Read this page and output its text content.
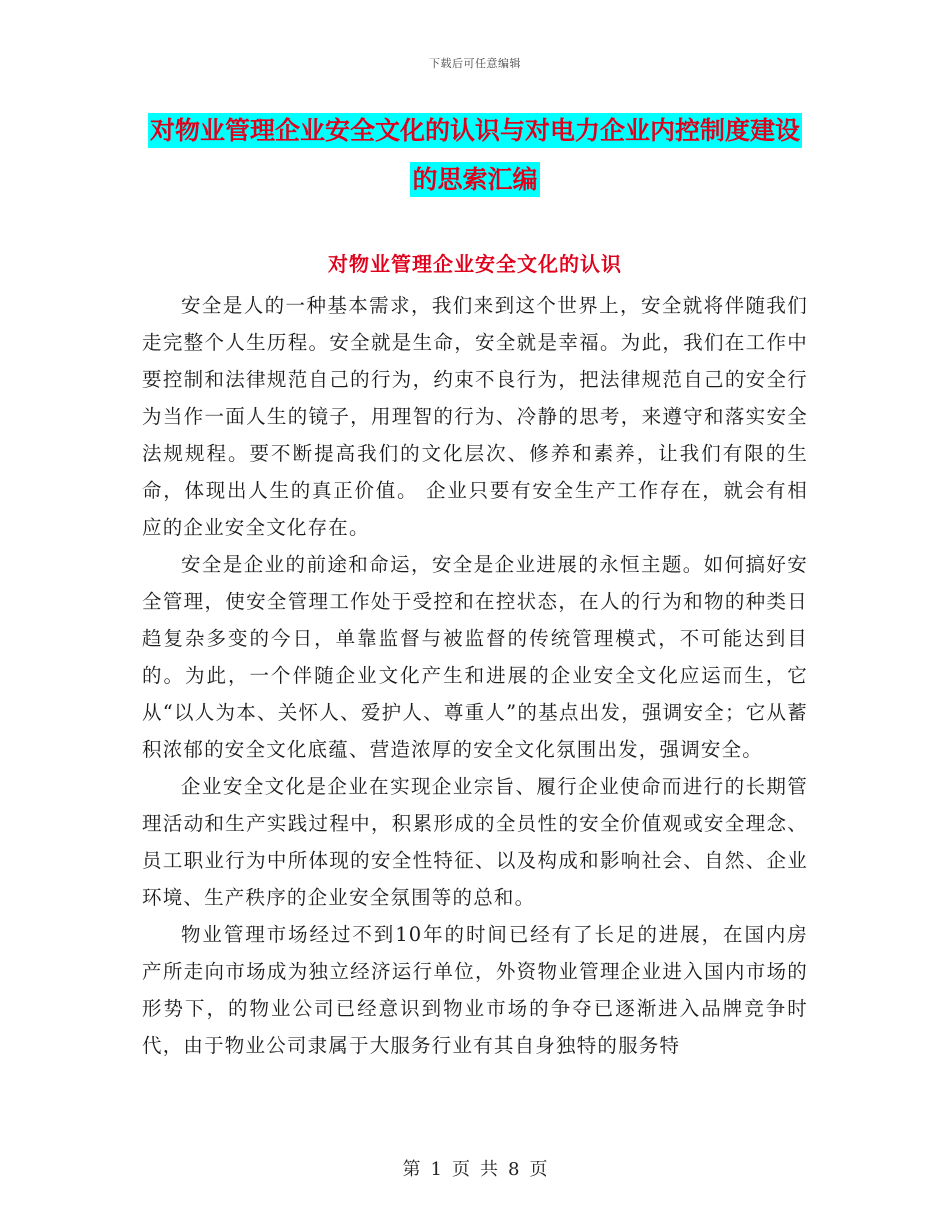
下载后可任意编辑
对物业管理企业安全文化的认识与对电力企业内控制度建设的思索汇编
对物业管理企业安全文化的认识

安全是人的一种基本需求，我们来到这个世界上，安全就将伴随我们走完整个人生历程。安全就是生命，安全就是幸福。为此，我们在工作中要控制和法律规范自己的行为，约束不良行为，把法律规范自己的安全行为当作一面人生的镜子，用理智的行为、冷静的思考，来遵守和落实安全法规规程。要不断提高我们的文化层次、修养和素养，让我们有限的生命，体现出人生的真正价值。 企业只要有安全生产工作存在，就会有相应的企业安全文化存在。

安全是企业的前途和命运，安全是企业进展的永恒主题。如何搞好安全管理，使安全管理工作处于受控和在控状态，在人的行为和物的种类日趋复杂多变的今日，单靠监督与被监督的传统管理模式，不可能达到目的。为此，一个伴随企业文化产生和进展的企业安全文化应运而生，它从“以人为本、关怀人、爱护人、尊重人”的基点出发，强调安全；它从蓄积浓郁的安全文化底蕴、营造浓厚的安全文化氛围出发，强调安全。

企业安全文化是企业在实现企业宗旨、履行企业使命而进行的长期管理活动和生产实践过程中，积累形成的全员性的安全价值观或安全理念、员工职业行为中所体现的安全性特征、以及构成和影响社会、自然、企业环境、生产秩序的企业安全氛围等的总和。

物业管理市场经过不到10年的时间已经有了长足的进展，在国内房产所走向市场成为独立经济运行单位，外资物业管理企业进入国内市场的形势下，的物业公司已经意识到物业市场的争夺已逐渐进入品牌竞争时代，由于物业公司隶属于大服务行业有其自身独特的服务特

第 1 页 共 8 页
